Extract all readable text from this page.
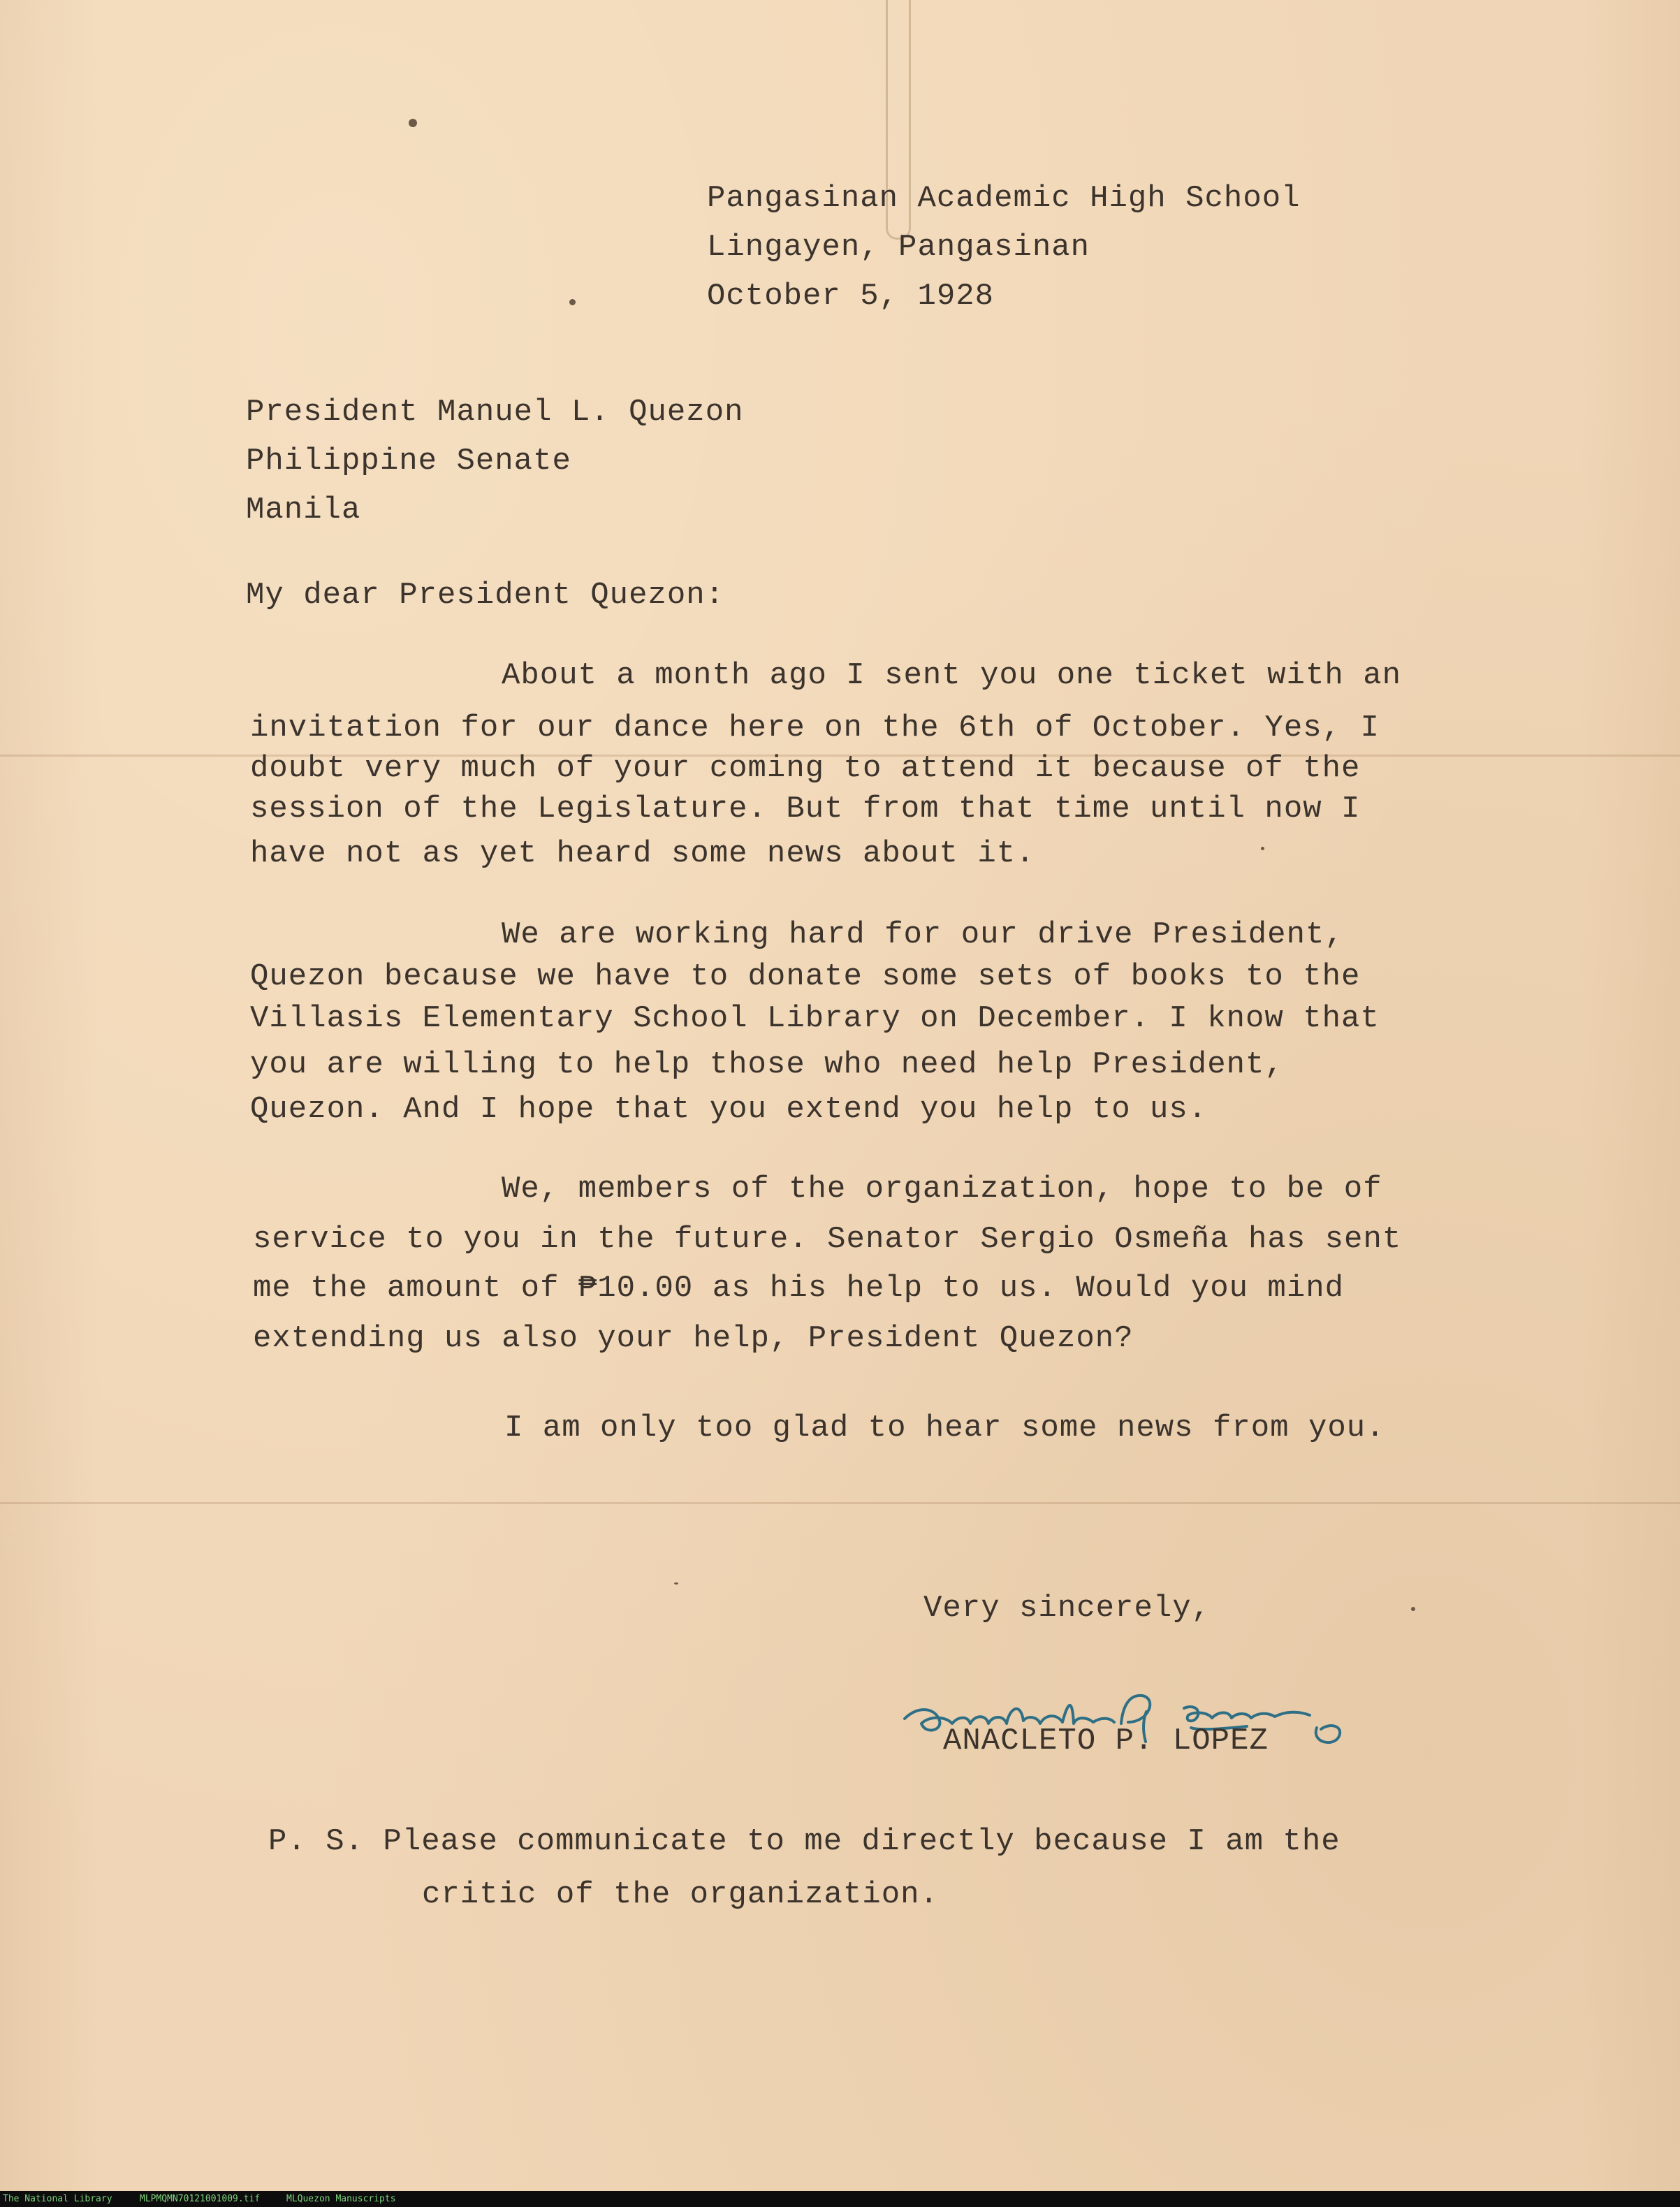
Pangasinan Academic High School
Lingayen, Pangasinan
October 5, 1928
President Manuel L. Quezon
Philippine Senate
Manila
My dear President Quezon:
About a month ago I sent you one ticket with an
invitation for our dance here on the 6th of October. Yes, I
doubt very much of your coming to attend it because of the
session of the Legislature. But from that time until now I
have not as yet heard some news about it.
We are working hard for our drive President,
Quezon because we have to donate some sets of books to the
Villasis Elementary School Library on December. I know that
you are willing to help those who need help President,
Quezon. And I hope that you extend you help to us.
We, members of the organization, hope to be of
service to you in the future. Senator Sergio Osmeña has sent
me the amount of ₱10.00 as his help to us. Would you mind
extending us also your help, President Quezon?
I am only too glad to hear some news from you.
Very sincerely,
ANACLETO P. LOPEZ
P. S. Please communicate to me directly because I am the
critic of the organization.
The National Library	MLPMQMN70121001009.tif	MLQuezon Manuscripts
